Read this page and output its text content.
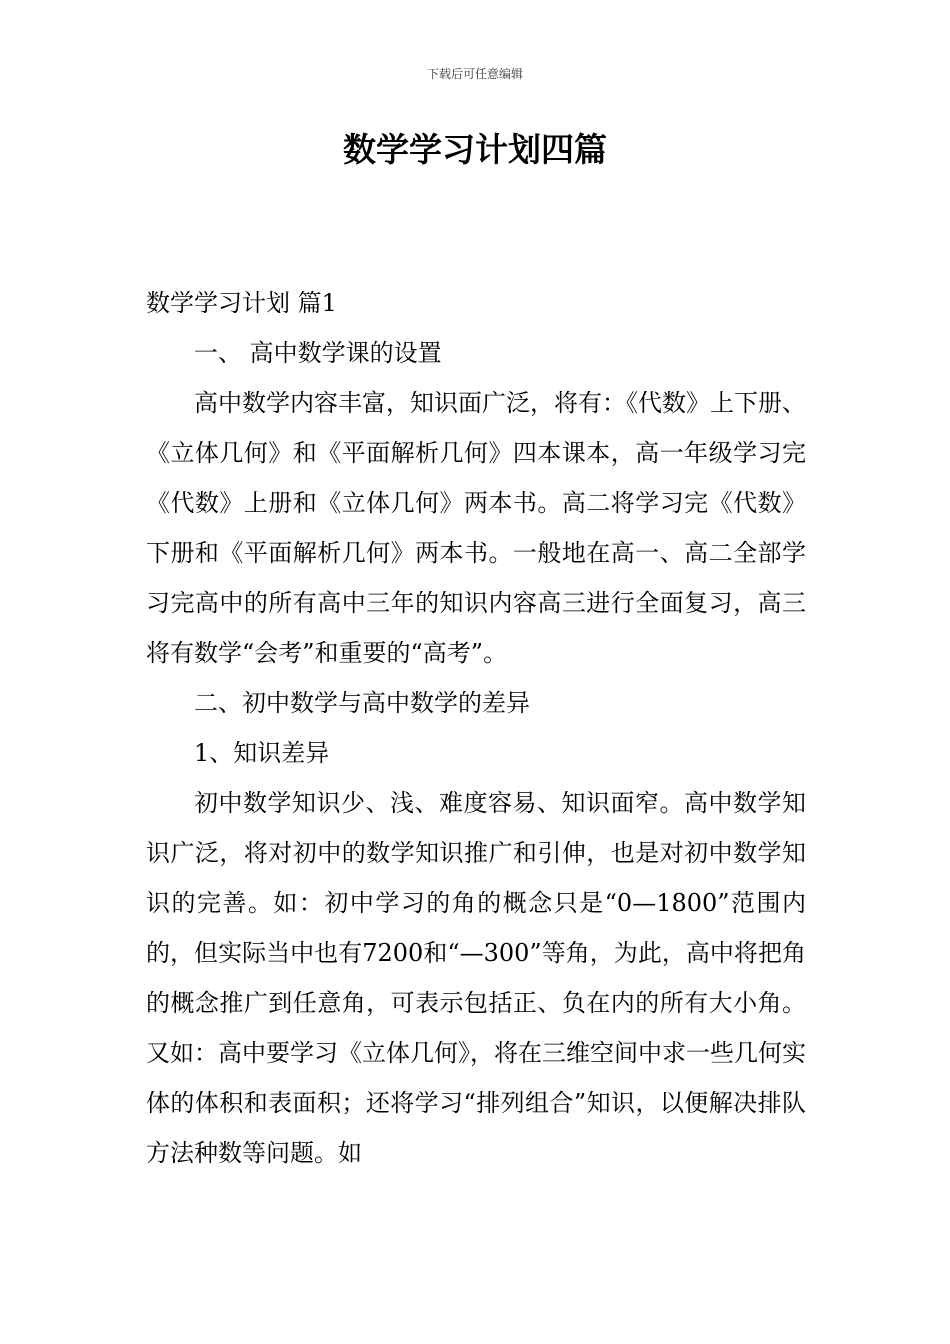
下载后可任意编辑
数学学习计划四篇

数学学习计划 篇1

一、 高中数学课的设置

高中数学内容丰富，知识面广泛，将有：《代数》上下册、《立体几何》和《平面解析几何》四本课本，高一年级学习完《代数》上册和《立体几何》两本书。高二将学习完《代数》下册和《平面解析几何》两本书。一般地在高一、高二全部学习完高中的所有高中三年的知识内容高三进行全面复习，高三将有数学“会考”和重要的“高考”。

二、初中数学与高中数学的差异

1、知识差异

初中数学知识少、浅、难度容易、知识面窄。高中数学知识广泛，将对初中的数学知识推广和引伸，也是对初中数学知识的完善。如：初中学习的角的概念只是“0—1800”范围内的，但实际当中也有7200和“—300”等角，为此，高中将把角的概念推广到任意角，可表示包括正、负在内的所有大小角。又如：高中要学习《立体几何》，将在三维空间中求一些几何实体的体积和表面积；还将学习“排列组合”知识，以便解决排队方法种数等问题。如
